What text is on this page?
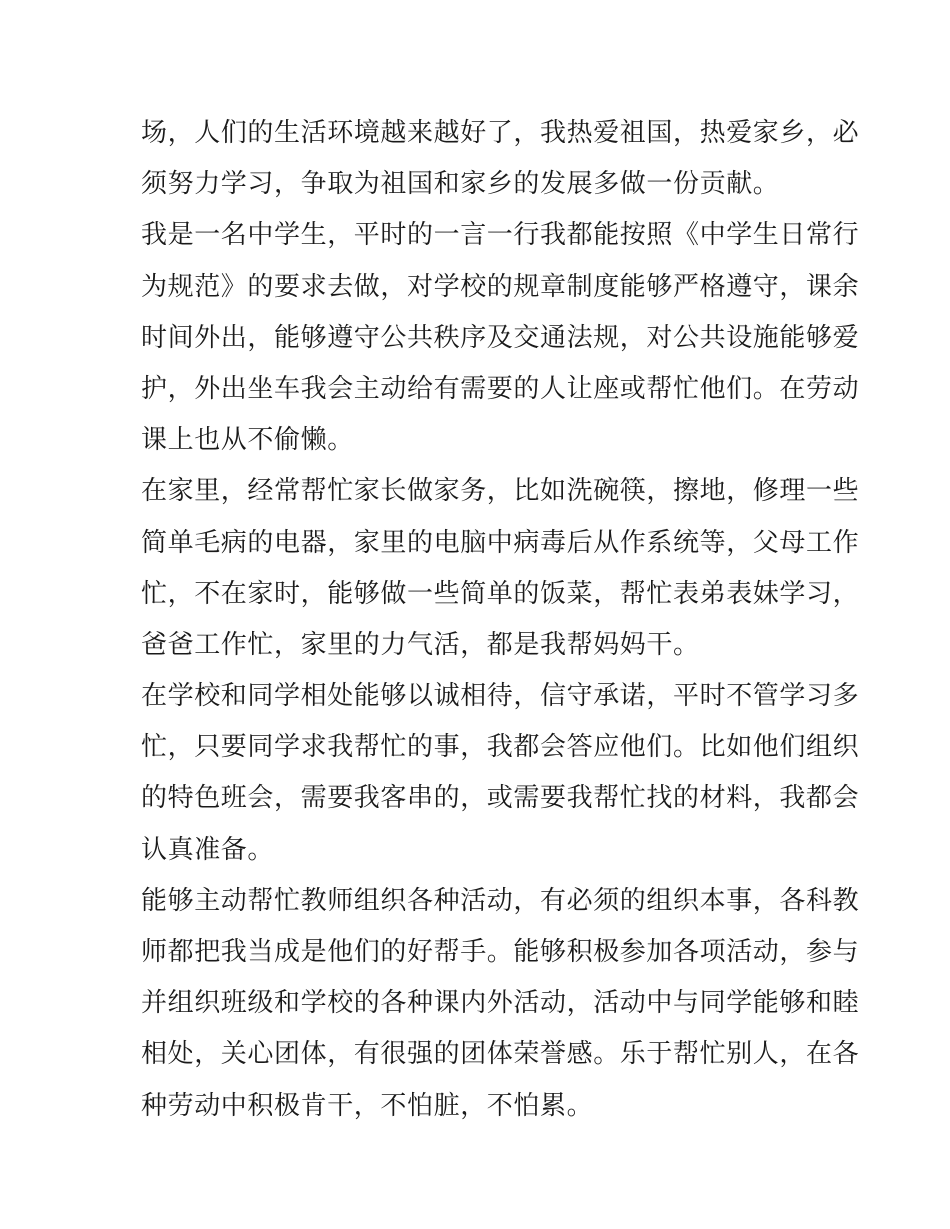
场，人们的生活环境越来越好了，我热爱祖国，热爱家乡，必
须努力学习，争取为祖国和家乡的发展多做一份贡献。
我是一名中学生，平时的一言一行我都能按照《中学生日常行
为规范》的要求去做，对学校的规章制度能够严格遵守，课余
时间外出，能够遵守公共秩序及交通法规，对公共设施能够爱
护，外出坐车我会主动给有需要的人让座或帮忙他们。在劳动
课上也从不偷懒。
在家里，经常帮忙家长做家务，比如洗碗筷，擦地，修理一些
简单毛病的电器，家里的电脑中病毒后从作系统等，父母工作
忙，不在家时，能够做一些简单的饭菜，帮忙表弟表妹学习，
爸爸工作忙，家里的力气活，都是我帮妈妈干。
在学校和同学相处能够以诚相待，信守承诺，平时不管学习多
忙，只要同学求我帮忙的事，我都会答应他们。比如他们组织
的特色班会，需要我客串的，或需要我帮忙找的材料，我都会
认真准备。
能够主动帮忙教师组织各种活动，有必须的组织本事，各科教
师都把我当成是他们的好帮手。能够积极参加各项活动，参与
并组织班级和学校的各种课内外活动，活动中与同学能够和睦
相处，关心团体，有很强的团体荣誉感。乐于帮忙别人，在各
种劳动中积极肯干，不怕脏，不怕累。
